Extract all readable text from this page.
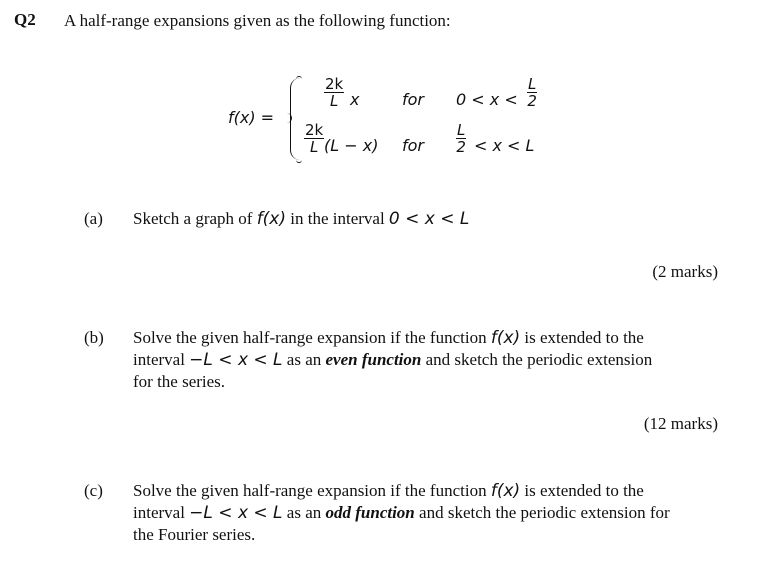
Q2 A half-range expansions given as the following function:
f(x) =
$\frac{2k}{L}$ x	for $0 < x < \frac{L}{2}$
$\frac{2k}{L} (L - x)$ for $\frac{L}{2} < x < L$
(a) Sketch a graph of f(x) in the interval 0 < x < L
(2 marks)
(b) Solve the given half-range expansion if the function f(x) is extended to the
interval −L < x < L as an even function and sketch the periodic extension
for the series.
(12 marks)
(c) Solve the given half-range expansion if the function f(x) is extended to the
interval −L < x < L as an odd function and sketch the periodic extension for
the Fourier series.
